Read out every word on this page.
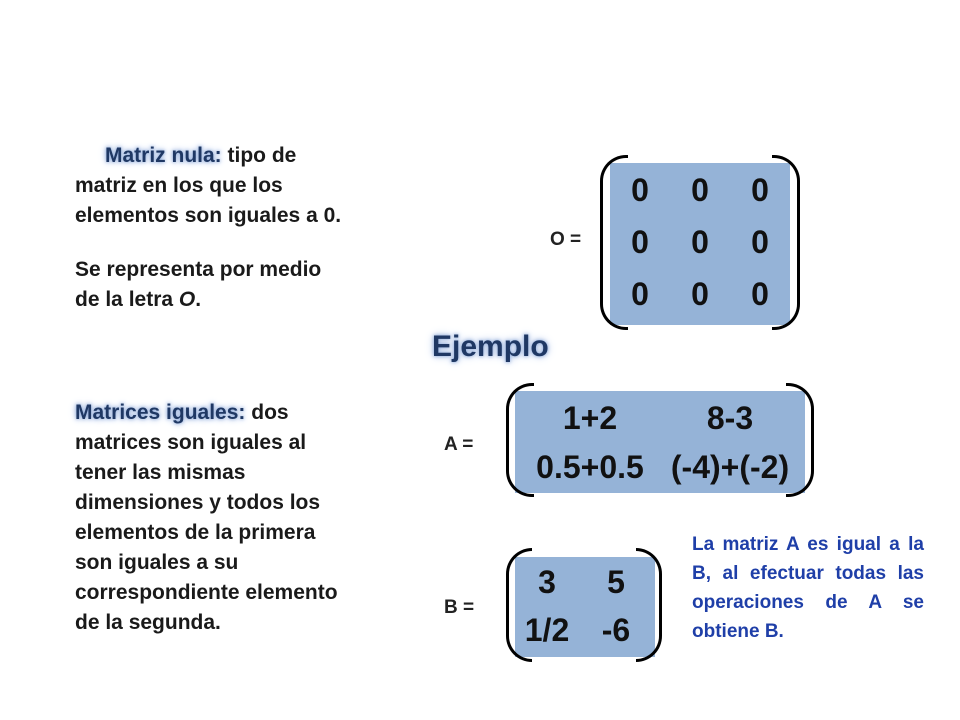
Matriz nula: tipo de
matriz en los que los
elementos son iguales a 0.
Se representa por medio
de la letra O.
Matrices iguales: dos
matrices son iguales al
tener las mismas
dimensiones y todos los
elementos de la primera
son iguales a su
correspondiente elemento
de la segunda.
O =
0 0 0
0 0 0
0 0 0
Ejemplo
A =
1+2	8-3
0.5+0.5 (-4)+(-2)
B =
3	5
1/2	-6
La matriz A es igual a la B, al efectuar todas las operaciones de A se obtiene B.
